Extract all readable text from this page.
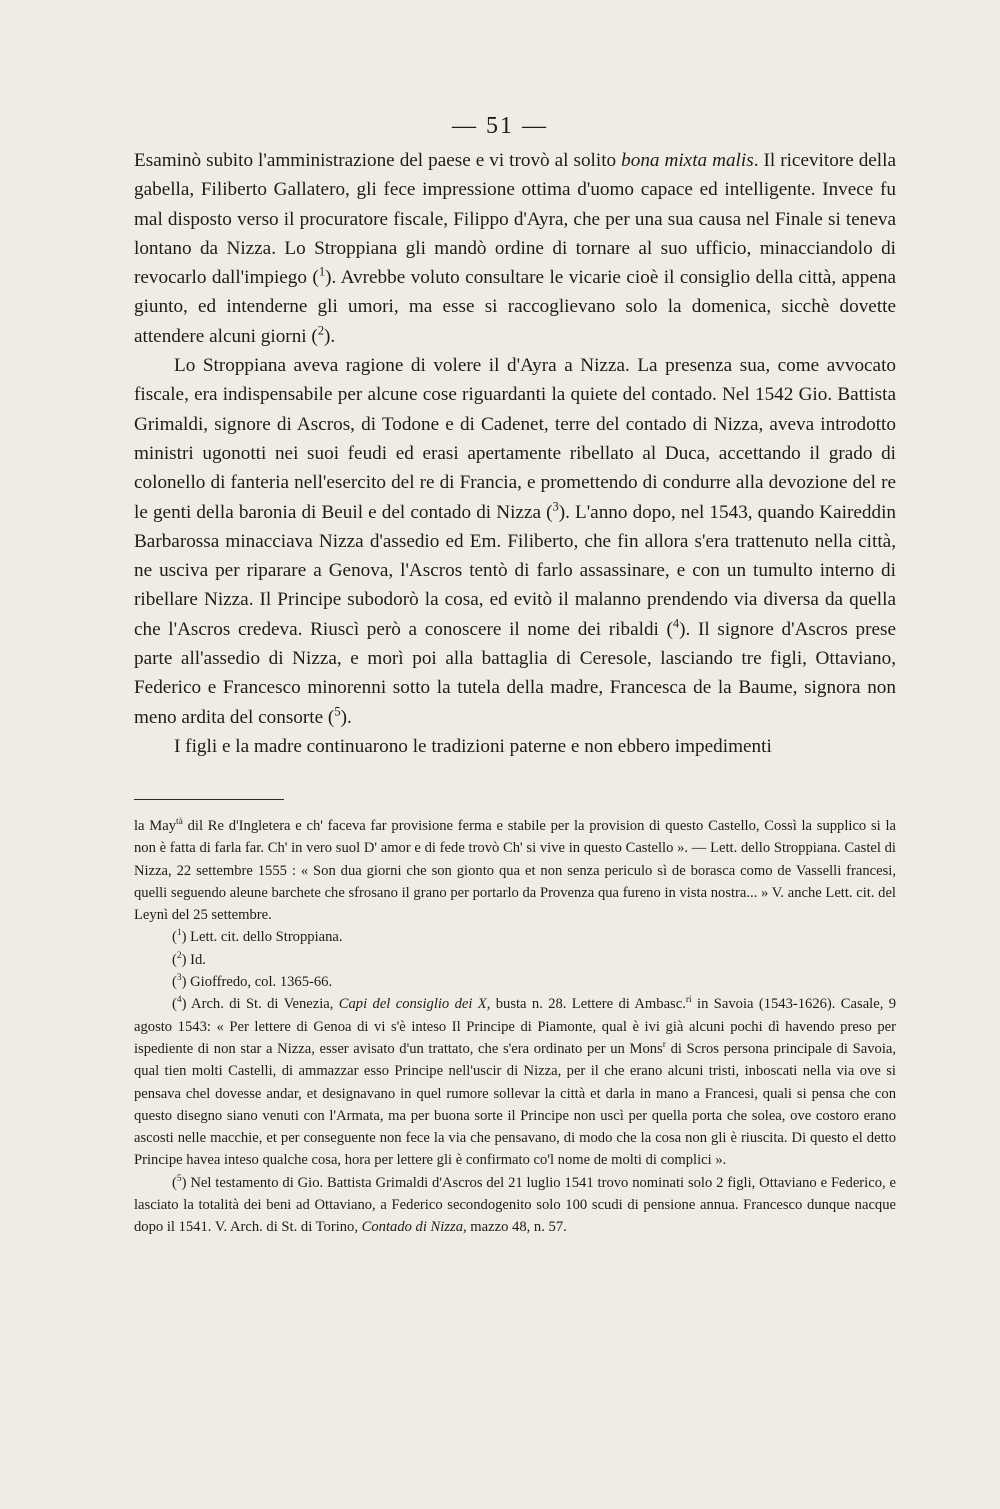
— 51 —

Esaminò subito l'amministrazione del paese e vi trovò al solito bona mixta malis. Il ricevitore della gabella, Filiberto Gallatero, gli fece impressione ottima d'uomo capace ed intelligente. Invece fu mal disposto verso il procuratore fiscale, Filippo d'Ayra, che per una sua causa nel Finale si teneva lontano da Nizza. Lo Stroppiana gli mandò ordine di tornare al suo ufficio, minacciandolo di revocarlo dall'impiego ($^1$). Avrebbe voluto consultare le vicarie cioè il consiglio della città, appena giunto, ed intenderne gli umori, ma esse si raccoglievano solo la domenica, sicchè dovette attendere alcuni giorni ($^2$).

Lo Stroppiana aveva ragione di volere il d'Ayra a Nizza. La presenza sua, come avvocato fiscale, era indispensabile per alcune cose riguardanti la quiete del contado. Nel 1542 Gio. Battista Grimaldi, signore di Ascros, di Todone e di Cadenet, terre del contado di Nizza, aveva introdotto ministri ugonotti nei suoi feudi ed erasi apertamente ribellato al Duca, accettando il grado di colonello di fanteria nell'esercito del re di Francia, e promettendo di condurre alla devozione del re le genti della baronia di Beuil e del contado di Nizza ($^3$). L'anno dopo, nel 1543, quando Kaireddin Barbarossa minacciava Nizza d'assedio ed Em. Filiberto, che fin allora s'era trattenuto nella città, ne usciva per riparare a Genova, l'Ascros tentò di farlo assassinare, e con un tumulto interno di ribellare Nizza. Il Principe subodorò la cosa, ed evitò il malanno prendendo via diversa da quella che l'Ascros credeva. Riuscì però a conoscere il nome dei ribaldi ($^4$). Il signore d'Ascros prese parte all'assedio di Nizza, e morì poi alla battaglia di Ceresole, lasciando tre figli, Ottaviano, Federico e Francesco minorenni sotto la tutela della madre, Francesca de la Baume, signora non meno ardita del consorte ($^5$).

I figli e la madre continuarono le tradizioni paterne e non ebbero impedimenti

la May$^{tà}$ dil Re d'Ingletera e ch' faceva far provisione ferma e stabile per la provision di questo Castello, Cossì la supplico si la non è fatta di farla far. Ch' in vero suol D' amor e di fede trovò Ch' si vive in questo Castello ». — Lett. dello Stroppiana. Castel di Nizza, 22 settembre 1555 : « Son dua giorni che son gionto qua et non senza periculo sì de borasca como de Vasselli francesi, quelli seguendo aleune barchete che sfrosano il grano per portarlo da Provenza qua fureno in vista nostra... » V. anche Lett. cit. del Leynì del 25 settembre.

($^1$) Lett. cit. dello Stroppiana.

($^2$) Id.

($^3$) Gioffredo, col. 1365-66.

($^4$) Arch. di St. di Venezia, Capi del consiglio dei X, busta n. 28. Lettere di Ambasc.$^{ri}$ in Savoia (1543-1626). Casale, 9 agosto 1543: « Per lettere di Genoa di vi s'è inteso Il Principe di Piamonte, qual è ivi già alcuni pochi dì havendo preso per ispediente di non star a Nizza, esser avisato d'un trattato, che s'era ordinato per un Mons$^r$ di Scros persona principale di Savoia, qual tien molti Castelli, di ammazzar esso Principe nell'uscir di Nizza, per il che erano alcuni tristi, inboscati nella via ove si pensava chel dovesse andar, et designavano in quel rumore sollevar la città et darla in mano a Francesi, quali si pensa che con questo disegno siano venuti con l'Armata, ma per buona sorte il Principe non uscì per quella porta che solea, ove costoro erano ascosti nelle macchie, et per conseguente non fece la via che pensavano, di modo che la cosa non gli è riuscita. Di questo el detto Principe havea inteso qualche cosa, hora per lettere gli è confirmato co'l nome de molti di complici ».

($^5$) Nel testamento di Gio. Battista Grimaldi d'Ascros del 21 luglio 1541 trovo nominati solo 2 figli, Ottaviano e Federico, e lasciato la totalità dei beni ad Ottaviano, a Federico secondogenito solo 100 scudi di pensione annua. Francesco dunque nacque dopo il 1541. V. Arch. di St. di Torino, Contado di Nizza, mazzo 48, n. 57.
